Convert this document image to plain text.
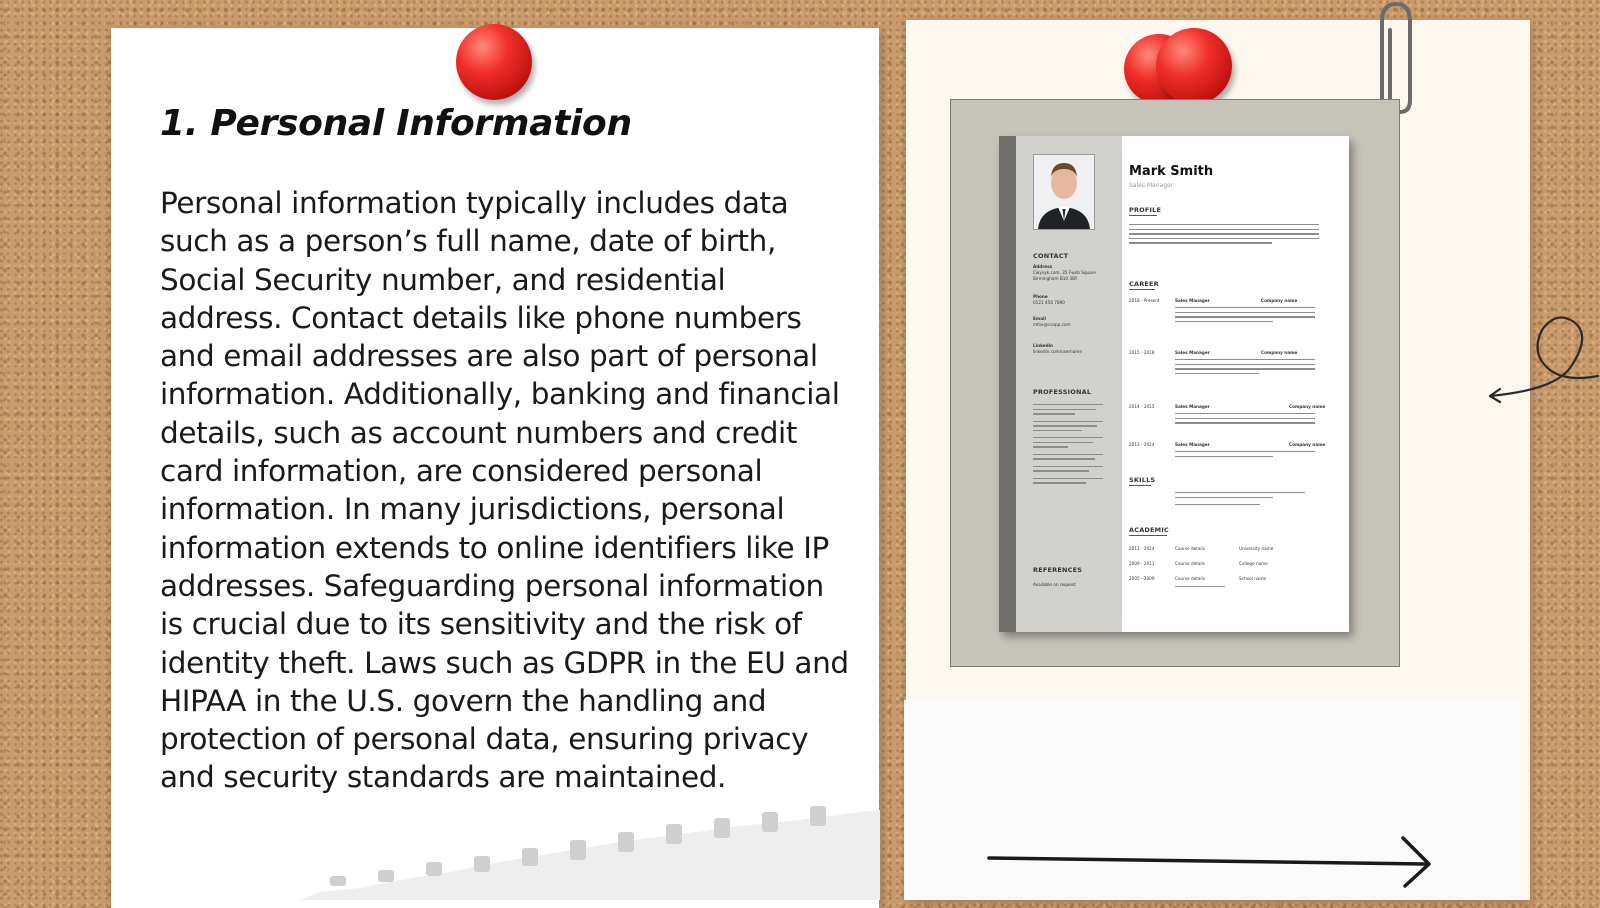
1. Personal Information

Personal information typically includes data such as a person’s full name, date of birth, Social Security number, and residential address. Contact details like phone numbers and email addresses are also part of personal information. Additionally, banking and financial details, such as account numbers and credit card information, are considered personal information. In many jurisdictions, personal information extends to online identifiers like IP addresses. Safeguarding personal information is crucial due to its sensitivity and the risk of identity theft. Laws such as GDPR in the EU and HIPAA in the U.S. govern the handling and protection of personal data, ensuring privacy and security standards are maintained.

Mark Smith
Sales Manager
CONTACT
Address
Cwyvyk.com, 35 Fwob Square Birmingham B10 3BY
Phone
0121 456 7890
Email
mfox@cvapp.com
Linkedin
linkedin.com/username
PROFESSIONAL
REFERENCES
Available on request
PROFILE
CAREER
2018 - Present	Sales Manager	Company name
2015 - 2018	Sales Manager	Company name
2014 - 2015	Sales Manager	Company name
2013 - 2014	Sales Manager	Company name
SKILLS
ACADEMIC
2011 - 2014	Course details	University name
2009 - 2011	Course details	College name
2005 - 2009	Course details	School name
